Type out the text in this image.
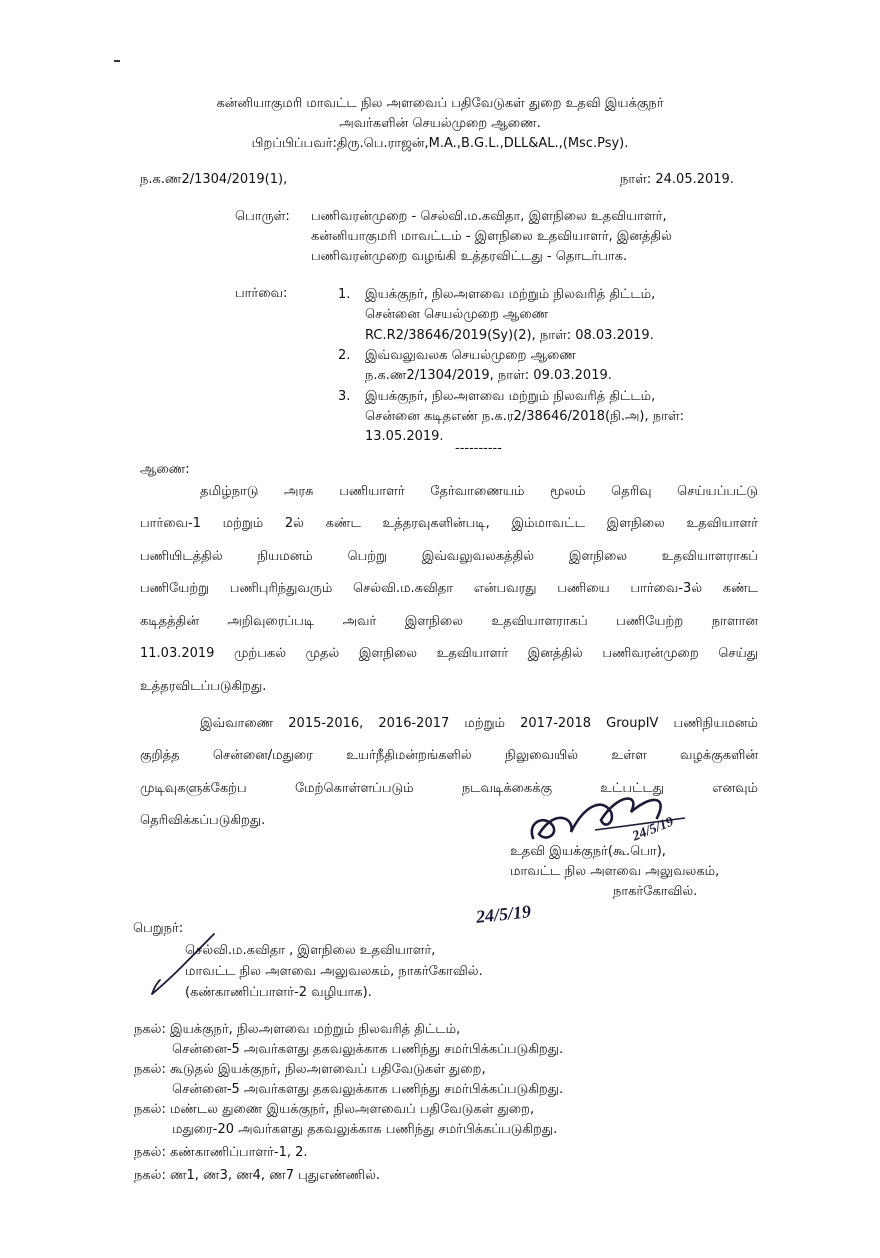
கன்னியாகுமரி மாவட்ட நில அளவைப் பதிவேடுகள் துறை உதவி இயக்குநர்
அவர்களின் செயல்முறை ஆணை.
பிறப்பிப்பவர்:திரு.பெ.ராஜன்,M.A.,B.G.L.,DLL&AL.,(Msc.Psy).
ந.க.ண2/1304/2019(1),	நாள்: 24.05.2019.
பொருள்: பணிவரன்முறை - செல்வி.ம.கவிதா, இளநிலை உதவியாளர்,
கன்னியாகுமரி மாவட்டம் - இளநிலை உதவியாளர், இனத்தில்
பணிவரன்முறை வழங்கி உத்தரவிட்டது - தொடர்பாக.
பார்வை:	1. இயக்குநர், நிலஅளவை மற்றும் நிலவரித் திட்டம்,
சென்னை செயல்முறை ஆணை
RC.R2/38646/2019(Sy)(2), நாள்: 08.03.2019.
2. இவ்வலுவலக செயல்முறை ஆணை
ந.க.ண2/1304/2019, நாள்: 09.03.2019.
3. இயக்குநர், நிலஅளவை மற்றும் நிலவரித் திட்டம்,
சென்னை கடிதஎண் ந.க.ர2/38646/2018(நி.அ), நாள்:
13.05.2019.
----------
ஆணை:
தமிழ்நாடு அரசு பணியாளர் தேர்வாணையம் மூலம் தெரிவு செய்யப்பட்டு
பார்வை-1 மற்றும் 2ல் கண்ட உத்தரவுகளின்படி, இம்மாவட்ட இளநிலை உதவியாளர்
பணியிடத்தில் நியமனம் பெற்று இவ்வலுவலகத்தில் இளநிலை உதவியாளராகப்
பணியேற்று பணிபுரிந்துவரும் செல்வி.ம.கவிதா என்பவரது பணியை பார்வை-3ல் கண்ட
கடிதத்தின் அறிவுரைப்படி அவர் இளநிலை உதவியாளராகப் பணியேற்ற நாளான
11.03.2019 முற்பகல் முதல் இளநிலை உதவியாளர் இனத்தில் பணிவரன்முறை செய்து
உத்தரவிடப்படுகிறது.
இவ்வாணை 2015-2016, 2016-2017 மற்றும் 2017-2018 GroupIV பணிநியமனம்
குறித்த சென்னை/மதுரை உயர்நீதிமன்றங்களில் நிலுவையில் உள்ள வழக்குகளின்
முடிவுகளுக்கேற்ப மேற்கொள்ளப்படும் நடவடிக்கைக்கு உட்பட்டது எனவும்
தெரிவிக்கப்படுகிறது.	24/5/19
உதவி இயக்குநர்(கூ.பொ),
மாவட்ட நில அளவை அலுவலகம்,
நாகர்கோவில்.
24/5/19
பெறுநர்:
செல்வி.ம.கவிதா , இளநிலை உதவியாளர்,
மாவட்ட நில அளவை அலுவலகம், நாகர்கோவில்.
(கண்காணிப்பாளர்-2 வழியாக).
நகல்: இயக்குநர், நிலஅளவை மற்றும் நிலவரித் திட்டம்,
சென்னை-5 அவர்களது தகவலுக்காக பணிந்து சமர்பிக்கப்படுகிறது.
நகல்: கூடுதல் இயக்குநர், நிலஅளவைப் பதிவேடுகள் துறை,
சென்னை-5 அவர்களது தகவலுக்காக பணிந்து சமர்பிக்கப்படுகிறது.
நகல்: மண்டல துணை இயக்குநர், நிலஅளவைப் பதிவேடுகள் துறை,
மதுரை-20 அவர்களது தகவலுக்காக பணிந்து சமர்பிக்கப்படுகிறது.
நகல்: கண்காணிப்பாளர்-1, 2.
நகல்: ண1, ண3, ண4, ண7 புதுஎண்ணில்.
